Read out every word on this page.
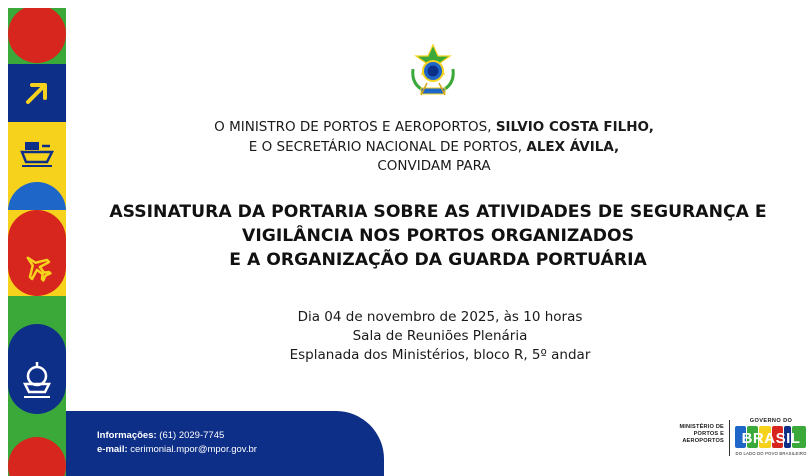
O MINISTRO DE PORTOS E AEROPORTOS, SILVIO COSTA FILHO,
E O SECRETÁRIO NACIONAL DE PORTOS, ALEX ÁVILA,
CONVIDAM PARA
ASSINATURA DA PORTARIA SOBRE AS ATIVIDADES DE SEGURANÇA E
VIGILÂNCIA NOS PORTOS ORGANIZADOS
E A ORGANIZAÇÃO DA GUARDA PORTUÁRIA
Dia 04 de novembro de 2025, às 10 horas
Sala de Reuniões Plenária
Esplanada dos Ministérios, bloco R, 5º andar
Informações: (61) 2029-7745
e-mail: cerimonial.mpor@mpor.gov.br
MINISTÉRIO DE
PORTOS E
AEROPORTOS
GOVERNO DO
BRASIL
DO LADO DO POVO BRASILEIRO
